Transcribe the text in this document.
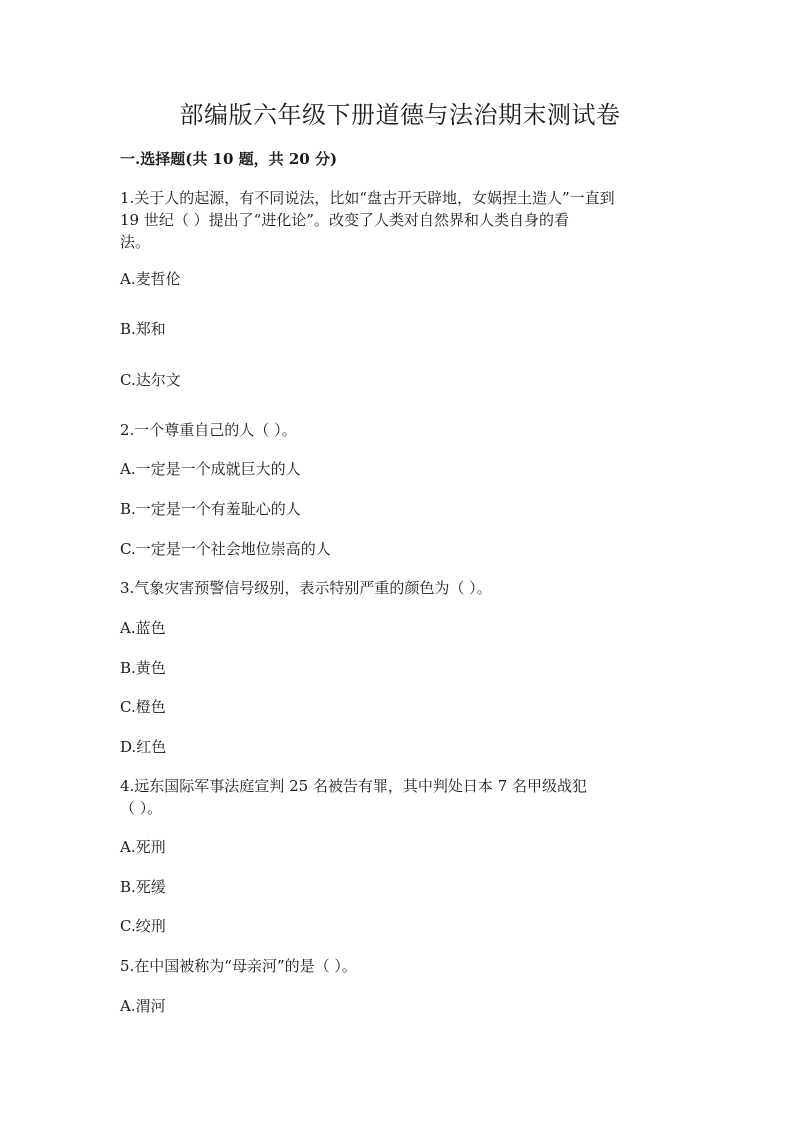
部编版六年级下册道德与法治期末测试卷
一.选择题(共 10 题，共 20 分)
1.关于人的起源，有不同说法，比如“盘古开天辟地，女娲捏土造人”一直到
19 世纪（ ）提出了“进化论”。改变了人类对自然界和人类自身的看
法。
A.麦哲伦
B.郑和
C.达尔文
2.一个尊重自己的人（ ）。
A.一定是一个成就巨大的人
B.一定是一个有羞耻心的人
C.一定是一个社会地位崇高的人
3.气象灾害预警信号级别，表示特别严重的颜色为（ ）。
A.蓝色
B.黄色
C.橙色
D.红色
4.远东国际军事法庭宣判 25 名被告有罪，其中判处日本 7 名甲级战犯
（ ）。
A.死刑
B.死缓
C.绞刑
5.在中国被称为“母亲河”的是（ ）。
A.渭河
